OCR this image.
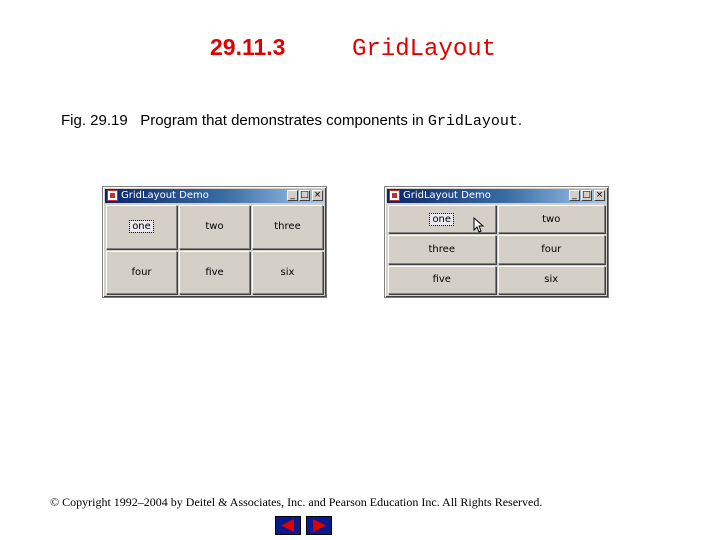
29.11.3	GridLayout
Fig. 29.19   Program that demonstrates components in GridLayout.
GridLayout Demo	_ □ ×
one	two	three
four	five	six
GridLayout Demo	_ □ ×
one	two
three	four
five	six
© Copyright 1992–2004 by Deitel & Associates, Inc. and Pearson Education Inc. All Rights Reserved.
